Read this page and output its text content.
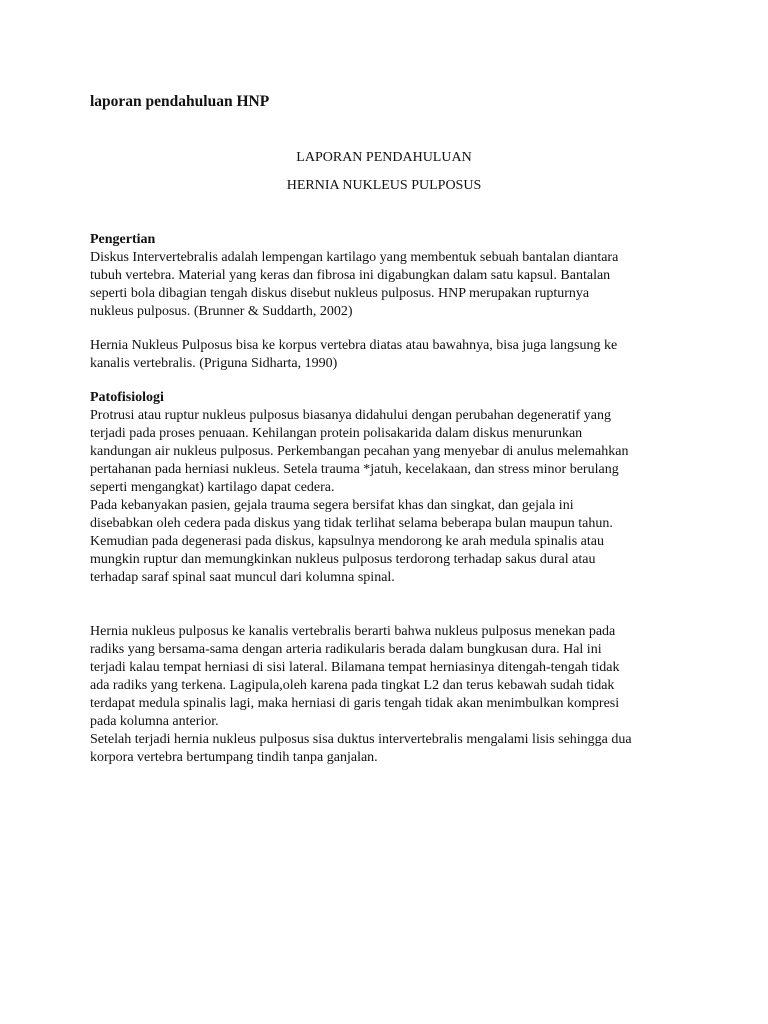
laporan pendahuluan HNP
LAPORAN PENDAHULUAN
HERNIA NUKLEUS PULPOSUS
Pengertian
Diskus Intervertebralis adalah lempengan kartilago yang membentuk sebuah bantalan diantara
tubuh vertebra. Material yang keras dan fibrosa ini digabungkan dalam satu kapsul. Bantalan
seperti bola dibagian tengah diskus disebut nukleus pulposus. HNP merupakan rupturnya
nukleus pulposus. (Brunner & Suddarth, 2002)
Hernia Nukleus Pulposus bisa ke korpus vertebra diatas atau bawahnya, bisa juga langsung ke
kanalis vertebralis. (Priguna Sidharta, 1990)
Patofisiologi
Protrusi atau ruptur nukleus pulposus biasanya didahului dengan perubahan degeneratif yang
terjadi pada proses penuaan. Kehilangan protein polisakarida dalam diskus menurunkan
kandungan air nukleus pulposus. Perkembangan pecahan yang menyebar di anulus melemahkan
pertahanan pada herniasi nukleus. Setela trauma *jatuh, kecelakaan, dan stress minor berulang
seperti mengangkat) kartilago dapat cedera.
Pada kebanyakan pasien, gejala trauma segera bersifat khas dan singkat, dan gejala ini
disebabkan oleh cedera pada diskus yang tidak terlihat selama beberapa bulan maupun tahun.
Kemudian pada degenerasi pada diskus, kapsulnya mendorong ke arah medula spinalis atau
mungkin ruptur dan memungkinkan nukleus pulposus terdorong terhadap sakus dural atau
terhadap saraf spinal saat muncul dari kolumna spinal.
Hernia nukleus pulposus ke kanalis vertebralis berarti bahwa nukleus pulposus menekan pada
radiks yang bersama-sama dengan arteria radikularis berada dalam bungkusan dura. Hal ini
terjadi kalau tempat herniasi di sisi lateral. Bilamana tempat herniasinya ditengah-tengah tidak
ada radiks yang terkena. Lagipula,oleh karena pada tingkat L2 dan terus kebawah sudah tidak
terdapat medula spinalis lagi, maka herniasi di garis tengah tidak akan menimbulkan kompresi
pada kolumna anterior.
Setelah terjadi hernia nukleus pulposus sisa duktus intervertebralis mengalami lisis sehingga dua
korpora vertebra bertumpang tindih tanpa ganjalan.
